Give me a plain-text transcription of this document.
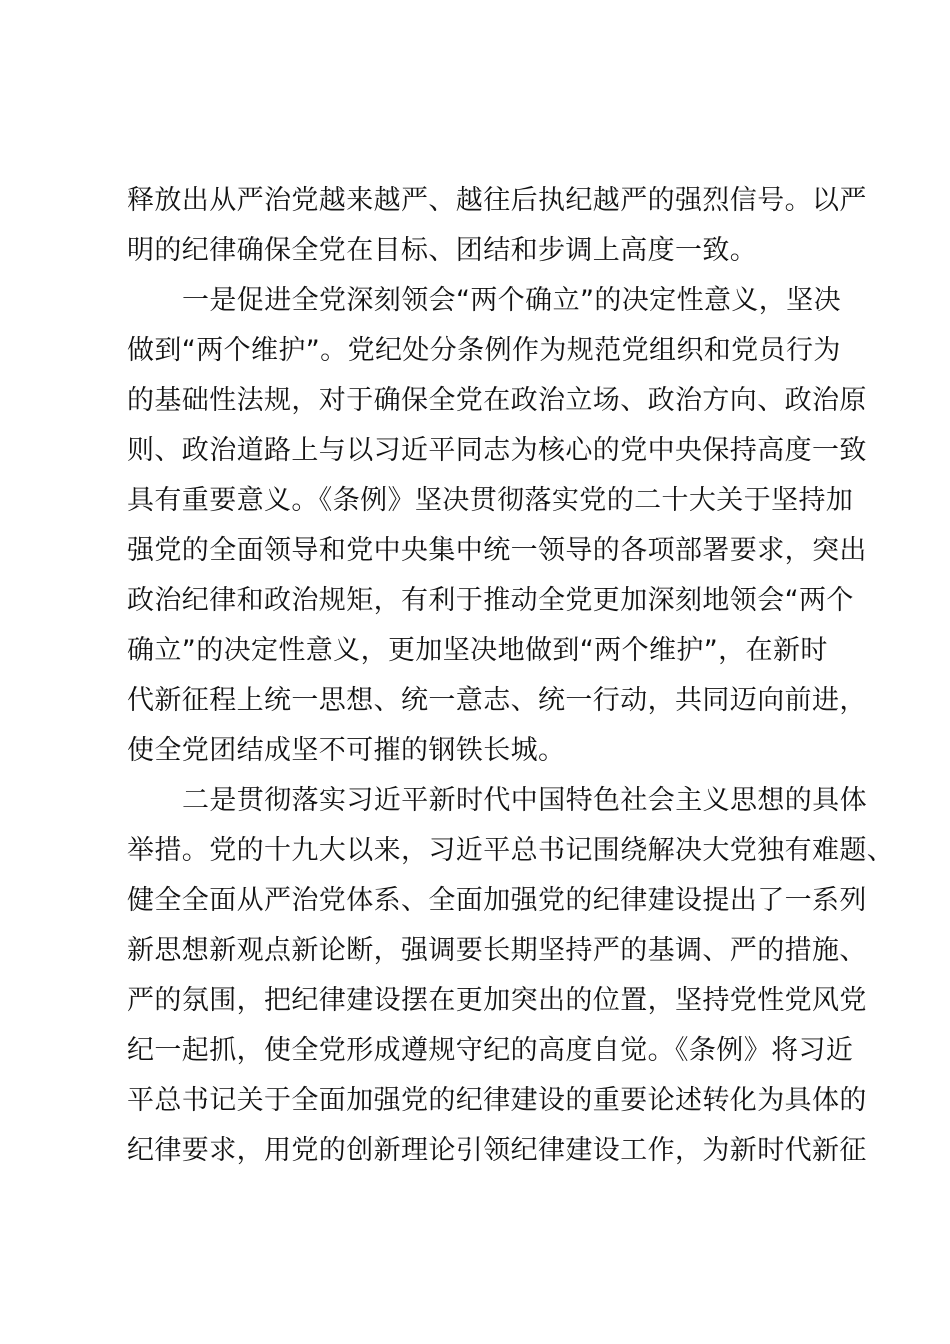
释放出从严治党越来越严、越往后执纪越严的强烈信号。以严
明的纪律确保全党在目标、团结和步调上高度一致。
一是促进全党深刻领会“两个确立”的决定性意义，坚决
做到“两个维护”。党纪处分条例作为规范党组织和党员行为
的基础性法规，对于确保全党在政治立场、政治方向、政治原
则、政治道路上与以习近平同志为核心的党中央保持高度一致
具有重要意义。《条例》坚决贯彻落实党的二十大关于坚持加
强党的全面领导和党中央集中统一领导的各项部署要求，突出
政治纪律和政治规矩，有利于推动全党更加深刻地领会“两个
确立”的决定性意义，更加坚决地做到“两个维护”，在新时
代新征程上统一思想、统一意志、统一行动，共同迈向前进，
使全党团结成坚不可摧的钢铁长城。
二是贯彻落实习近平新时代中国特色社会主义思想的具体
举措。党的十九大以来，习近平总书记围绕解决大党独有难题、
健全全面从严治党体系、全面加强党的纪律建设提出了一系列
新思想新观点新论断，强调要长期坚持严的基调、严的措施、
严的氛围，把纪律建设摆在更加突出的位置，坚持党性党风党
纪一起抓，使全党形成遵规守纪的高度自觉。《条例》将习近
平总书记关于全面加强党的纪律建设的重要论述转化为具体的
纪律要求，用党的创新理论引领纪律建设工作，为新时代新征
